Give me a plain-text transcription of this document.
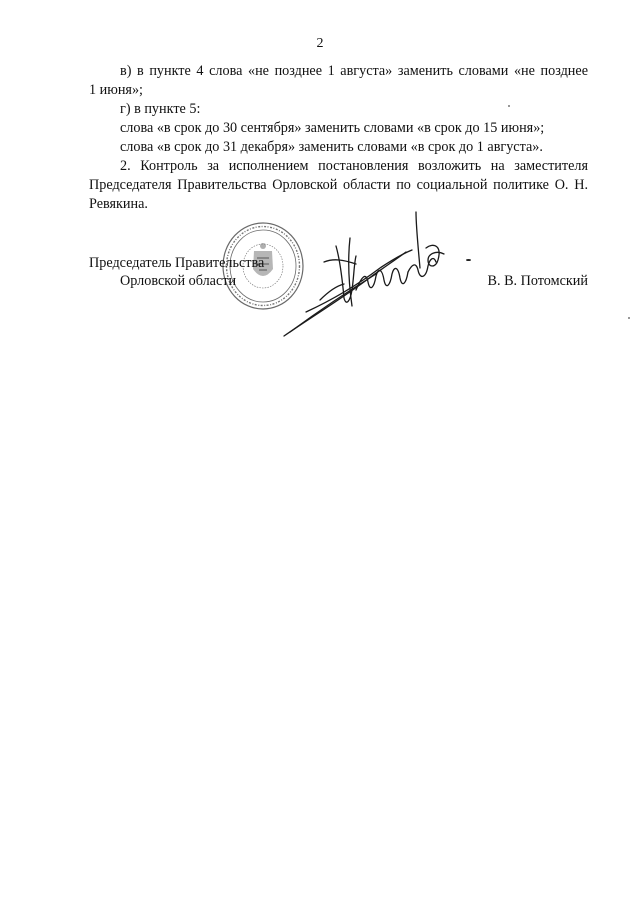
2

в) в пункте 4 слова «не позднее 1 августа» заменить словами «не позднее

1 июня»;

г) в пункте 5:

слова «в срок до 30 сентября» заменить словами «в срок до 15 июня»;

слова «в срок до 31 декабря» заменить словами «в срок до 1 августа».

2. Контроль за исполнением постановления возложить на заместителя Председателя Правительства Орловской области по социальной политике О. Н. Ревякина.

Председатель Правительства
Орловской области	В. В. Потомский
